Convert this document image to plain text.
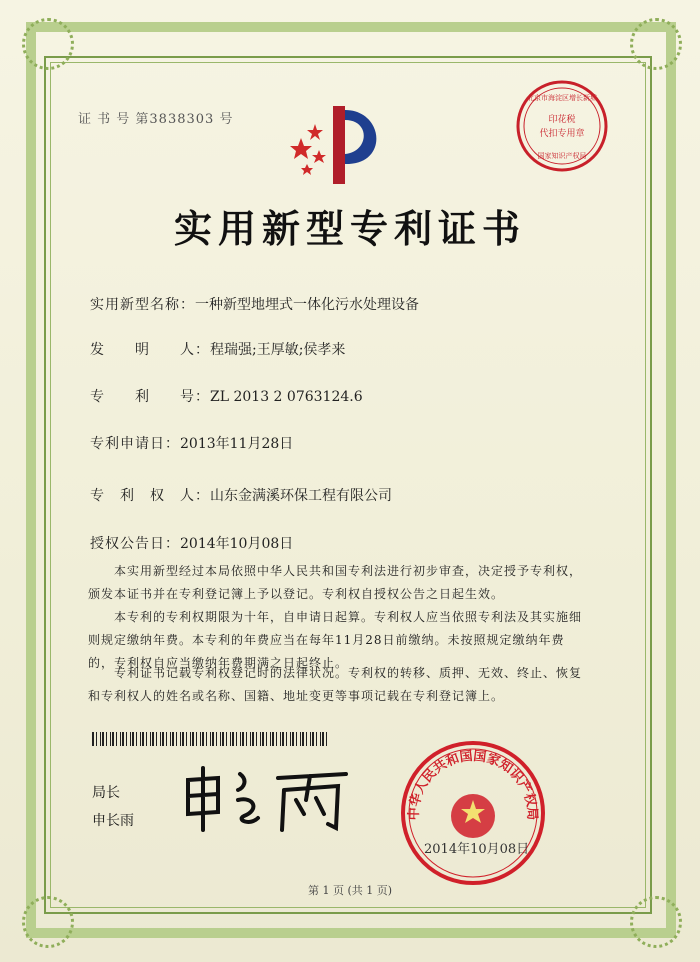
证 书 号 第3838303 号
北京市海淀区增长新城
印花税
代扣专用章
国家知识产权局
实用新型专利证书
实用新型名称：一种新型地埋式一体化污水处理设备
发　　明　　人：程瑞强;王厚敏;侯孝来
专　　利　　号：ZL 2013 2 0763124.6
专利申请日：2013年11月28日
专　利　权　人：山东金满溪环保工程有限公司
授权公告日：2014年10月08日
本实用新型经过本局依照中华人民共和国专利法进行初步审查，决定授予专利权，颁发本证书并在专利登记簿上予以登记。专利权自授权公告之日起生效。
本专利的专利权期限为十年，自申请日起算。专利权人应当依照专利法及其实施细则规定缴纳年费。本专利的年费应当在每年11月28日前缴纳。未按照规定缴纳年费的，专利权自应当缴纳年费期满之日起终止。
专利证书记载专利权登记时的法律状况。专利权的转移、质押、无效、终止、恢复和专利权人的姓名或名称、国籍、地址变更等事项记载在专利登记簿上。
局长
申长雨	中华人民共和国国家知识产权局
2014年10月08日
第 1 页 (共 1 页)
